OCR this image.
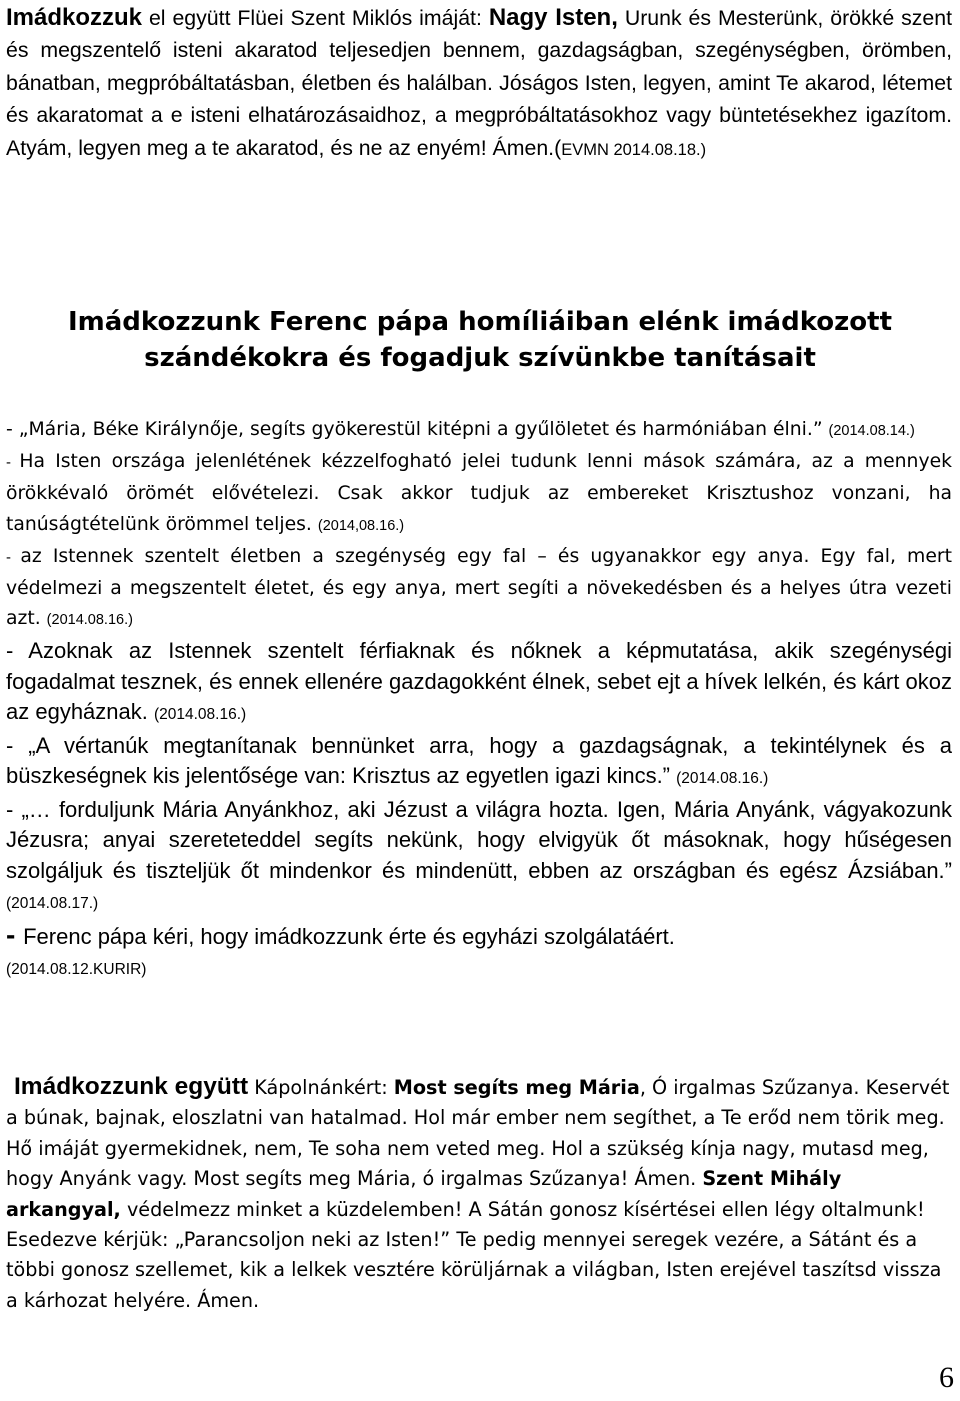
Imádkozzuk el együtt Flüei Szent Miklós imáját: Nagy Isten, Urunk és Mesterünk, örökké szent és megszentelő isteni akaratod teljesedjen bennem, gazdagságban, szegénységben, örömben, bánatban, megpróbáltatásban, életben és halálban. Jóságos Isten, legyen, amint Te akarod, létemet és akaratomat a e isteni elhatározásaidhoz, a megpróbáltatásokhoz vagy büntetésekhez igazítom. Atyám, legyen meg a te akaratod, és ne az enyém! Ámen.(EVMN 2014.08.18.)

Imádkozzunk Ferenc pápa homíliáiban elénk imádkozott
szándékokra és fogadjuk szívünkbe tanításait

- „Mária, Béke Királynője, segíts gyökerestül kitépni a gyűlöletet és harmóniában élni.” (2014.08.14.)

- Ha Isten országa jelenlétének kézzelfogható jelei tudunk lenni mások számára, az a mennyek örökkévaló örömét elővételezi. Csak akkor tudjuk az embereket Krisztushoz vonzani, ha tanúságtételünk örömmel teljes. (2014,08.16.)

- az Istennek szentelt életben a szegénység egy fal – és ugyanakkor egy anya. Egy fal, mert védelmezi a megszentelt életet, és egy anya, mert segíti a növekedésben és a helyes útra vezeti azt. (2014.08.16.)

- Azoknak az Istennek szentelt férfiaknak és nőknek a képmutatása, akik szegénységi fogadalmat tesznek, és ennek ellenére gazdagokként élnek, sebet ejt a hívek lelkén, és kárt okoz az egyháznak. (2014.08.16.)

- „A vértanúk megtanítanak bennünket arra, hogy a gazdagságnak, a tekintélynek és a büszkeségnek kis jelentősége van: Krisztus az egyetlen igazi kincs.” (2014.08.16.)

- „… forduljunk Mária Anyánkhoz, aki Jézust a világra hozta. Igen, Mária Anyánk, vágyakozunk Jézusra; anyai szereteteddel segíts nekünk, hogy elvigyük őt másoknak, hogy hűségesen szolgáljuk és tiszteljük őt mindenkor és mindenütt, ebben az országban és egész Ázsiában.” (2014.08.17.)

- Ferenc pápa kéri, hogy imádkozzunk érte és egyházi szolgálatáért.
(2014.08.12.KURIR)

Imádkozzunk együtt Kápolnánkért: Most segíts meg Mária, Ó irgalmas Szűzanya. Keservét a búnak, bajnak, eloszlatni van hatalmad. Hol már ember nem segíthet, a Te erőd nem törik meg. Hő imáját gyermekidnek, nem, Te soha nem veted meg. Hol a szükség kínja nagy, mutasd meg, hogy Anyánk vagy. Most segíts meg Mária, ó irgalmas Szűzanya! Ámen. Szent Mihály arkangyal, védelmezz minket a küzdelemben! A Sátán gonosz kísértései ellen légy oltalmunk! Esedezve kérjük: „Parancsoljon neki az Isten!” Te pedig mennyei seregek vezére, a Sátánt és a többi gonosz szellemet, kik a lelkek vesztére körüljárnak a világban, Isten erejével taszítsd vissza a kárhozat helyére. Ámen.

6
